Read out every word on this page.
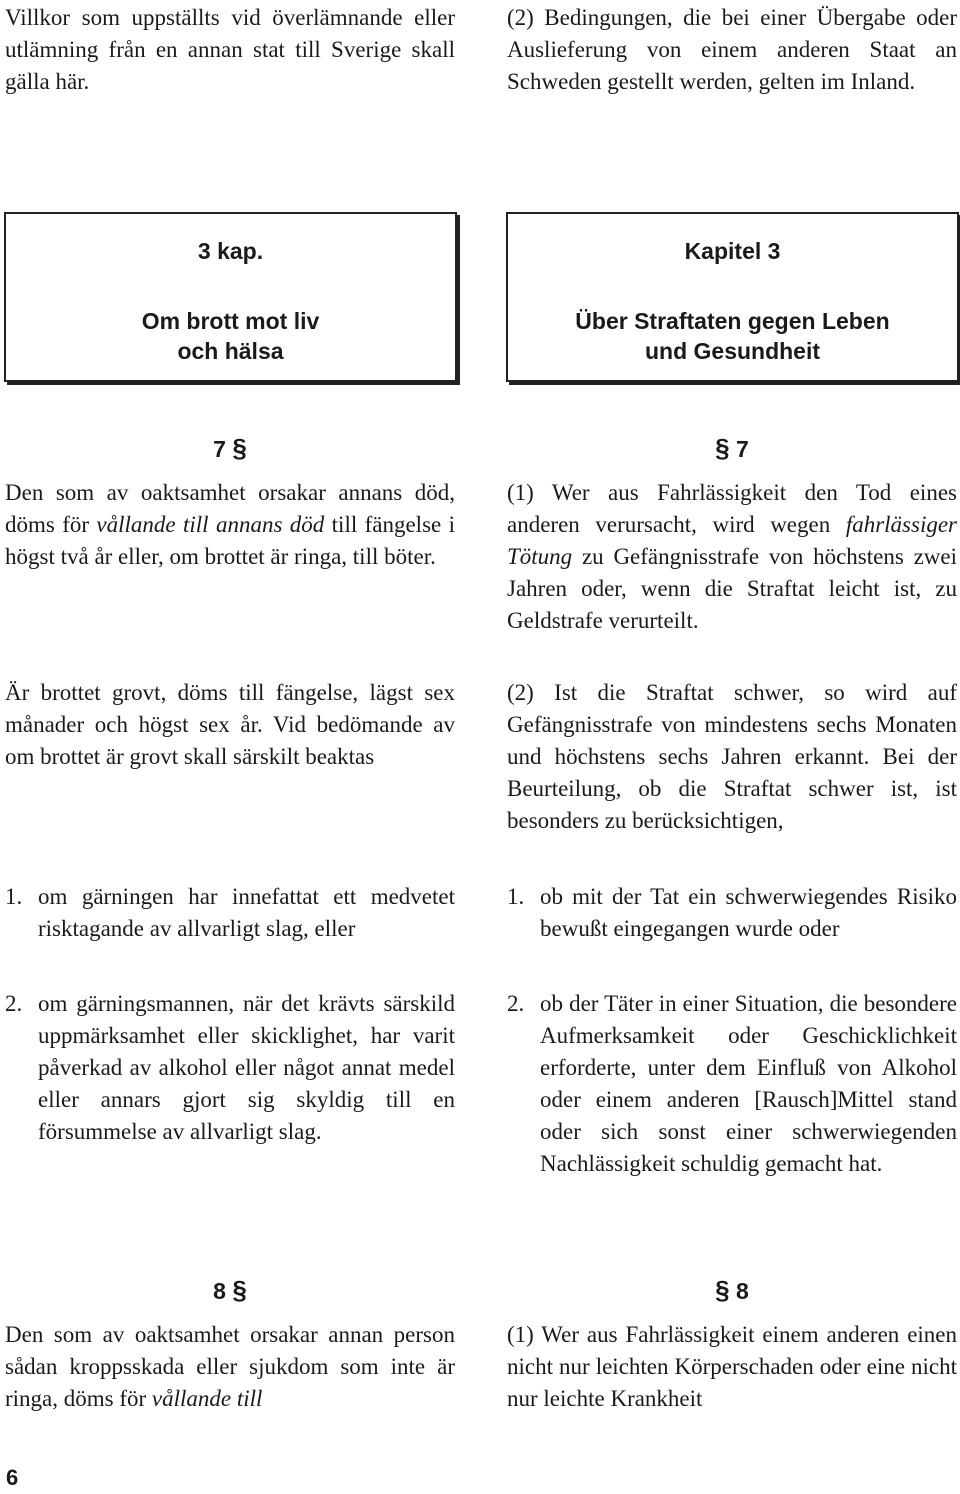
Villkor som uppställts vid överlämnande eller utlämning från en annan stat till Sverige skall gälla här.
(2) Bedingungen, die bei einer Übergabe oder Auslieferung von einem anderen Staat an Schweden gestellt werden, gelten im Inland.
3 kap.
Om brott mot liv
och hälsa
Kapitel 3
Über Straftaten gegen Leben
und Gesundheit
7 §	§ 7
Den som av oaktsamhet orsakar annans död, döms för vållande till annans död till fängelse i högst två år eller, om brottet är ringa, till böter.
Är brottet grovt, döms till fängelse, lägst sex månader och högst sex år. Vid bedömande av om brottet är grovt skall särskilt beaktas
1. om gärningen har innefattat ett medvetet risktagande av allvarligt slag, eller
2. om gärningsmannen, när det krävts särskild uppmärksamhet eller skicklighet, har varit påverkad av alkohol eller något annat medel eller annars gjort sig skyldig till en försummelse av allvarligt slag.
(1) Wer aus Fahrlässigkeit den Tod eines anderen verursacht, wird wegen fahrlässiger Tötung zu Gefängnisstrafe von höchstens zwei Jahren oder, wenn die Straftat leicht ist, zu Geldstrafe verurteilt.
(2) Ist die Straftat schwer, so wird auf Gefängnisstrafe von mindestens sechs Monaten und höchstens sechs Jahren erkannt. Bei der Beurteilung, ob die Straftat schwer ist, ist besonders zu berücksichtigen,
1. ob mit der Tat ein schwerwiegendes Risiko bewußt eingegangen wurde oder
2. ob der Täter in einer Situation, die besondere Aufmerksamkeit oder Geschicklichkeit erforderte, unter dem Einfluß von Alkohol oder einem anderen [Rausch]Mittel stand oder sich sonst einer schwerwiegenden Nachlässigkeit schuldig gemacht hat.
8 §	§ 8
Den som av oaktsamhet orsakar annan person sådan kroppsskada eller sjukdom som inte är ringa, döms för vållande till
(1) Wer aus Fahrlässigkeit einem anderen einen nicht nur leichten Körperschaden oder eine nicht nur leichte Krankheit
6
